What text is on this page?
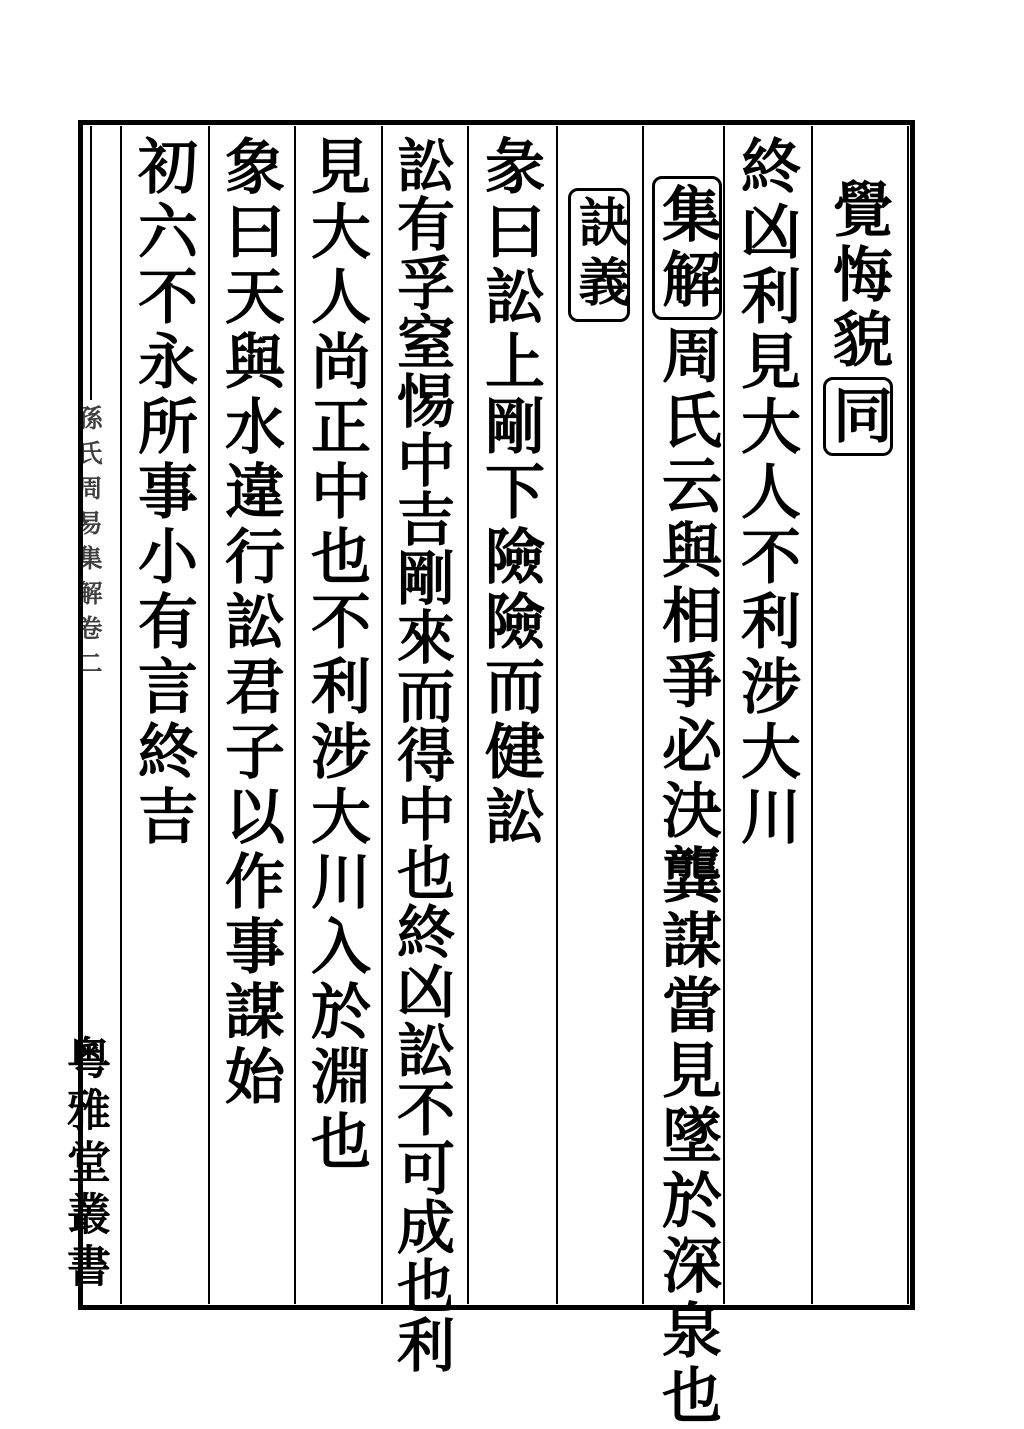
孫氏周易集解卷二
粵雅堂叢書
覺悔貌同
終凶利見大人不利涉大川
集解周氏云與相爭必決龔謀當見墜於深泉也
訣義
彖曰訟上剛下險險而健訟
訟有孚窒惕中吉剛來而得中也終凶訟不可成也利
見大人尚正中也不利涉大川入於淵也
象曰天與水違行訟君子以作事謀始
初六不永所事小有言終吉
